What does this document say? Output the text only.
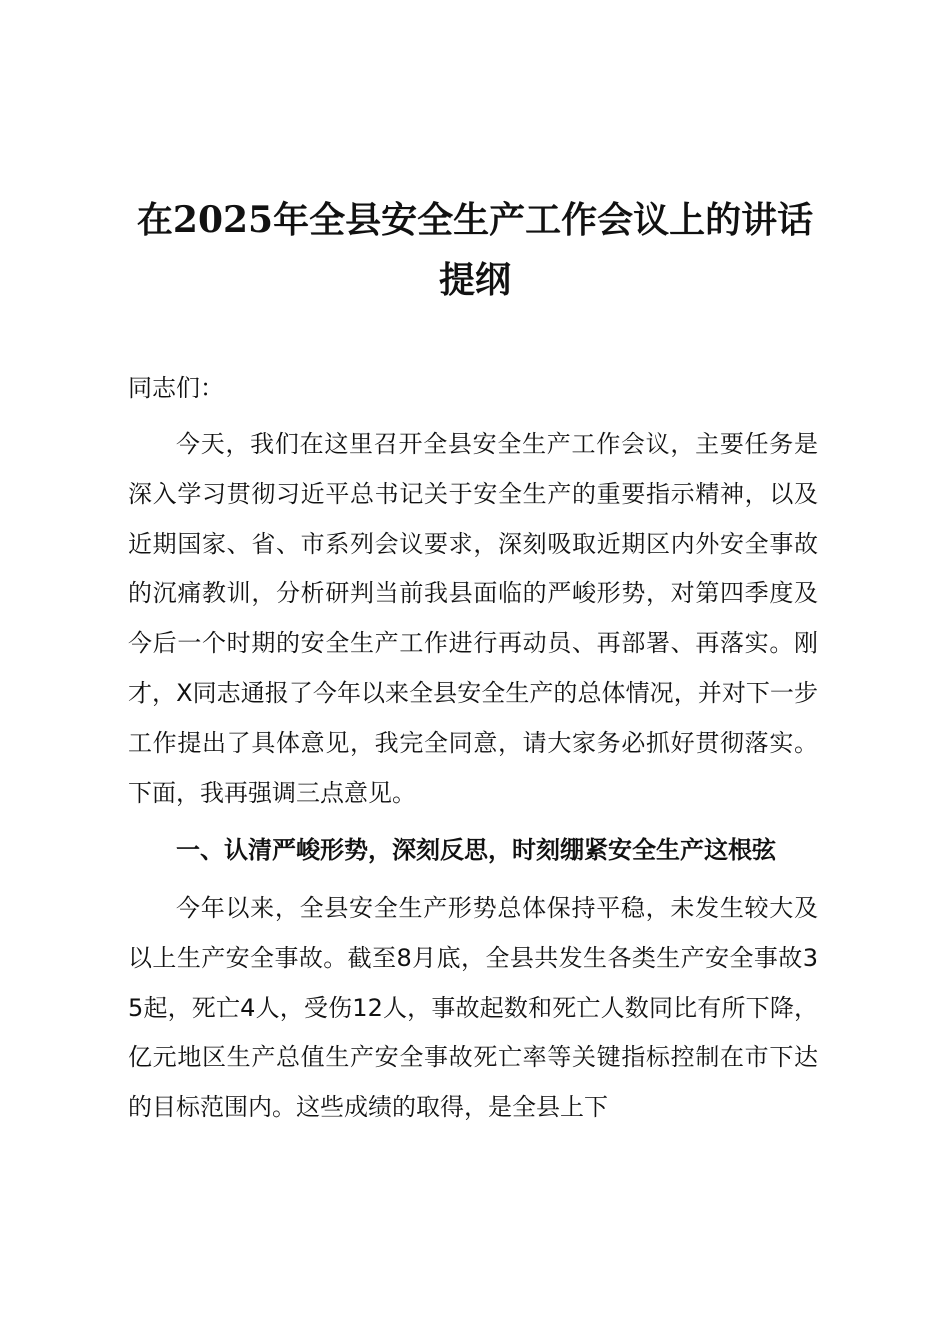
在2025年全县安全生产工作会议上的讲话提纲

同志们：

今天，我们在这里召开全县安全生产工作会议，主要任务是深入学习贯彻习近平总书记关于安全生产的重要指示精神，以及近期国家、省、市系列会议要求，深刻吸取近期区内外安全事故的沉痛教训，分析研判当前我县面临的严峻形势，对第四季度及今后一个时期的安全生产工作进行再动员、再部署、再落实。刚才，X同志通报了今年以来全县安全生产的总体情况，并对下一步工作提出了具体意见，我完全同意，请大家务必抓好贯彻落实。下面，我再强调三点意见。

一、认清严峻形势，深刻反思，时刻绷紧安全生产这根弦

今年以来，全县安全生产形势总体保持平稳，未发生较大及以上生产安全事故。截至8月底，全县共发生各类生产安全事故35起，死亡4人，受伤12人，事故起数和死亡人数同比有所下降，亿元地区生产总值生产安全事故死亡率等关键指标控制在市下达的目标范围内。这些成绩的取得，是全县上下
